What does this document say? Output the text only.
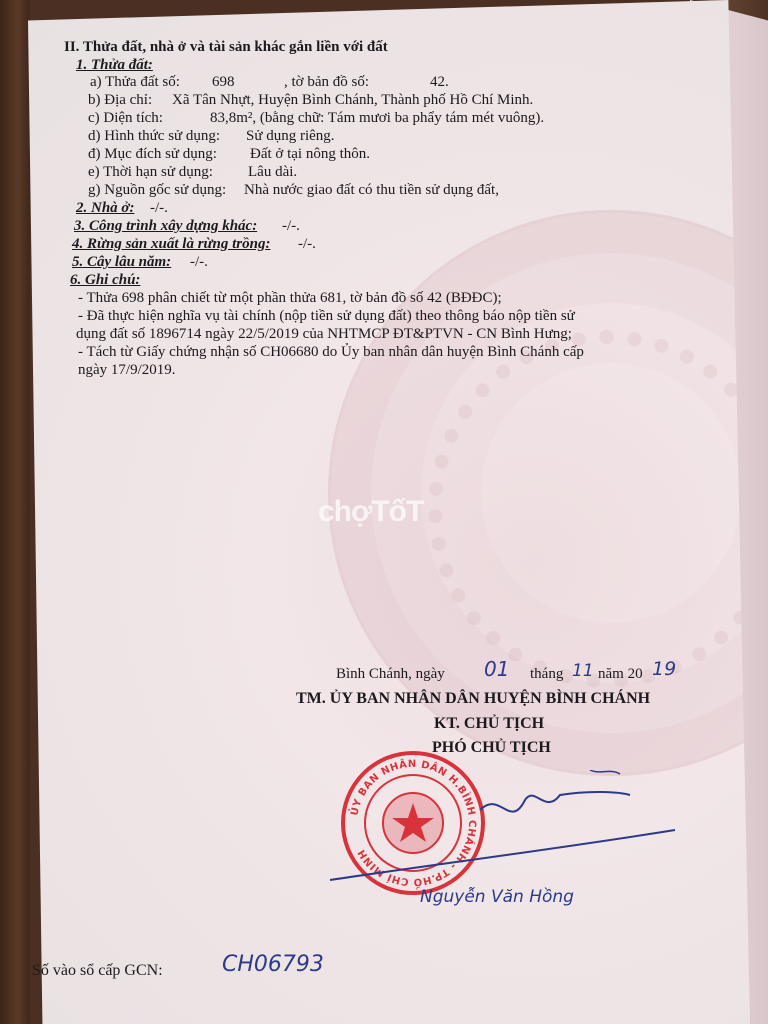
II. Thửa đất, nhà ở và tài sản khác gắn liền với đất
1. Thửa đất:
a) Thửa đất số: 698	, tờ bản đồ số:	42.
b) Địa chỉ: Xã Tân Nhựt, Huyện Bình Chánh, Thành phố Hồ Chí Minh.
c) Diện tích:	83,8m², (bằng chữ: Tám mươi ba phẩy tám mét vuông).
d) Hình thức sử dụng: Sử dụng riêng.
đ) Mục đích sử dụng: Đất ở tại nông thôn.
e) Thời hạn sử dụng: Lâu dài.
g) Nguồn gốc sử dụng: Nhà nước giao đất có thu tiền sử dụng đất,
2. Nhà ở: -/-.
3. Công trình xây dựng khác: -/-.
4. Rừng sản xuất là rừng trồng: -/-.
5. Cây lâu năm: -/-.
6. Ghi chú:
- Thửa 698 phân chiết từ một phần thửa 681, tờ bản đồ số 42 (BĐĐC);
- Đã thực hiện nghĩa vụ tài chính (nộp tiền sử dụng đất) theo thông báo nộp tiền sử
dụng đất số 1896714 ngày 22/5/2019 của NHTMCP ĐT&PTVN - CN Bình Hưng;
- Tách từ Giấy chứng nhận số CH06680 do Ủy ban nhân dân huyện Bình Chánh cấp
ngày 17/9/2019.
chợTốT
Bình Chánh, ngày 01 tháng 11 năm 20 19
TM. ỦY BAN NHÂN DÂN HUYỆN BÌNH CHÁNH
KT. CHỦ TỊCH
PHÓ CHỦ TỊCH
ỦY BAN NHÂN DÂN H.BÌNH CHÁNH - TP.HỒ CHÍ MINH
Nguyễn Văn Hồng
Số vào sổ cấp GCN:	CH06793
